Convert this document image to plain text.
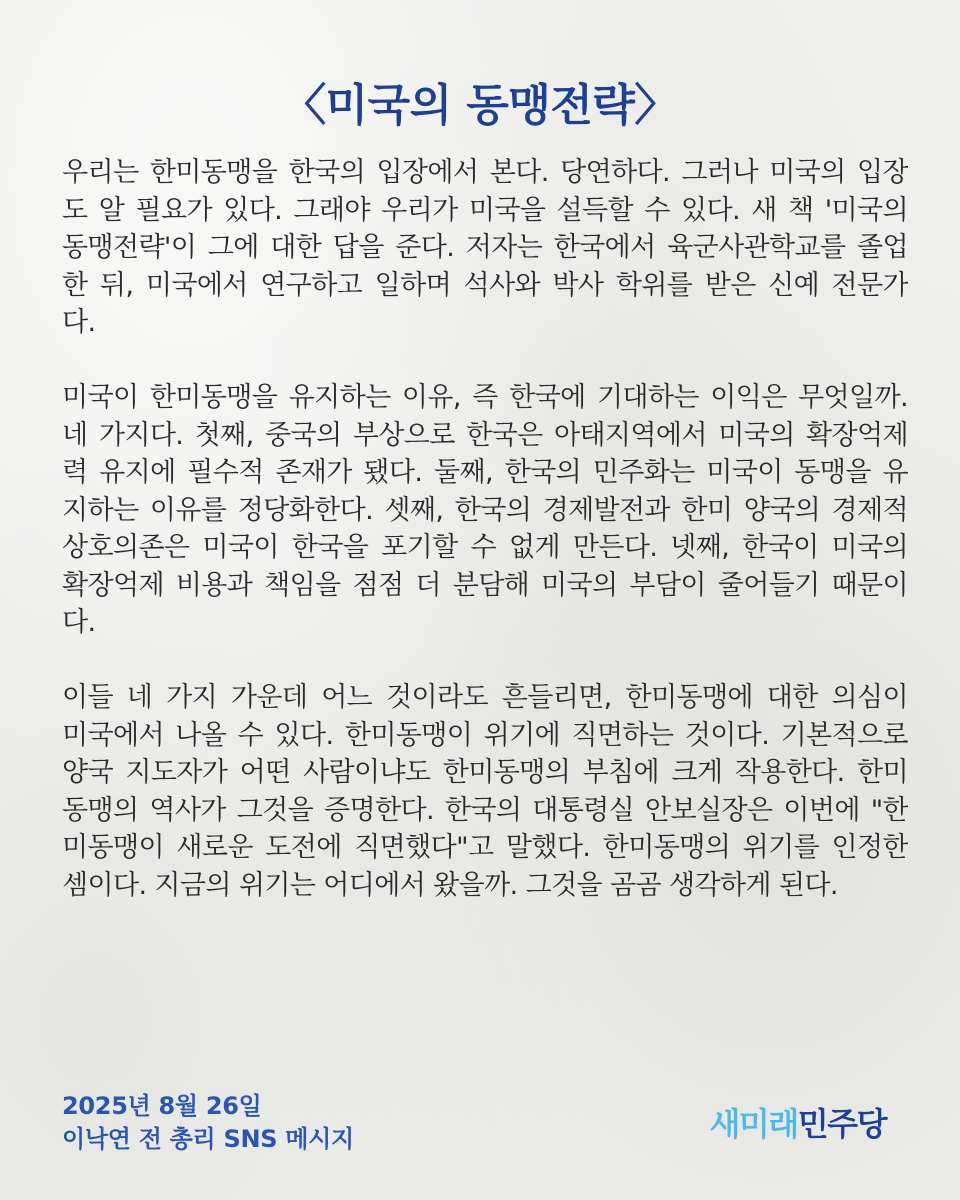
〈미국의 동맹전략〉
우리는 한미동맹을 한국의 입장에서 본다. 당연하다. 그러나 미국의 입장
도 알 필요가 있다. 그래야 우리가 미국을 설득할 수 있다. 새 책 '미국의
동맹전략'이 그에 대한 답을 준다. 저자는 한국에서 육군사관학교를 졸업
한 뒤, 미국에서 연구하고 일하며 석사와 박사 학위를 받은 신예 전문가
다.
미국이 한미동맹을 유지하는 이유, 즉 한국에 기대하는 이익은 무엇일까.
네 가지다. 첫째, 중국의 부상으로 한국은 아태지역에서 미국의 확장억제
력 유지에 필수적 존재가 됐다. 둘째, 한국의 민주화는 미국이 동맹을 유
지하는 이유를 정당화한다. 셋째, 한국의 경제발전과 한미 양국의 경제적
상호의존은 미국이 한국을 포기할 수 없게 만든다. 넷째, 한국이 미국의
확장억제 비용과 책임을 점점 더 분담해 미국의 부담이 줄어들기 때문이
다.
이들 네 가지 가운데 어느 것이라도 흔들리면, 한미동맹에 대한 의심이
미국에서 나올 수 있다. 한미동맹이 위기에 직면하는 것이다. 기본적으로
양국 지도자가 어떤 사람이냐도 한미동맹의 부침에 크게 작용한다. 한미
동맹의 역사가 그것을 증명한다. 한국의 대통령실 안보실장은 이번에 "한
미동맹이 새로운 도전에 직면했다"고 말했다. 한미동맹의 위기를 인정한
셈이다. 지금의 위기는 어디에서 왔을까. 그것을 곰곰 생각하게 된다.
2025년 8월 26일
이낙연 전 총리 SNS 메시지	새미래 민주당
